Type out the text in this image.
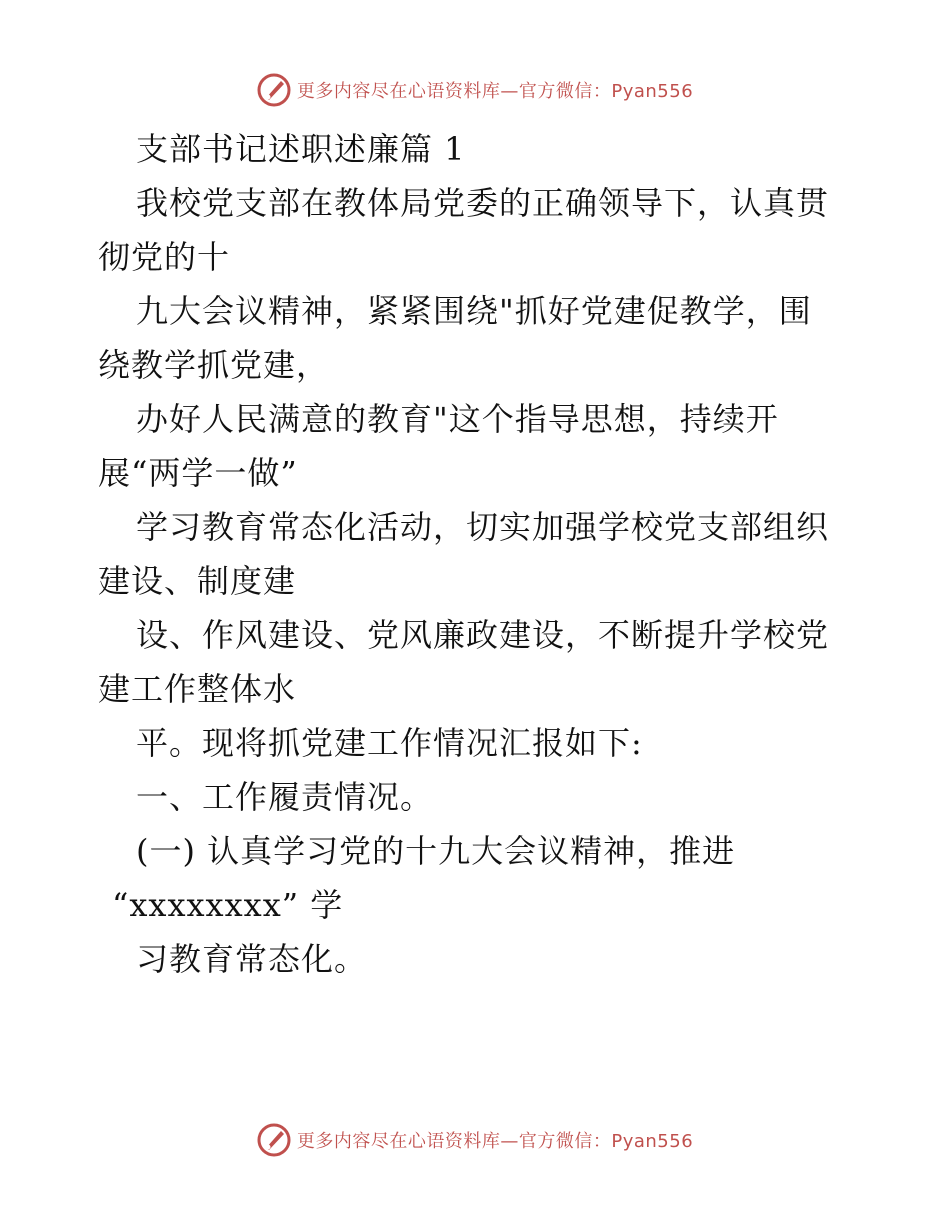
更多内容尽在心语资料库—官方微信：Pyan556
支部书记述职述廉篇 1
我校党支部在教体局党委的正确领导下，认真贯
彻党的十
九大会议精神，紧紧围绕"抓好党建促教学，围
绕教学抓党建，
办好人民满意的教育"这个指导思想，持续开
展“两学一做”
学习教育常态化活动，切实加强学校党支部组织
建设、制度建
设、作风建设、党风廉政建设，不断提升学校党
建工作整体水
平。现将抓党建工作情况汇报如下:
一、工作履责情况。
(一) 认真学习党的十九大会议精神，推进
“xxxxxxxx” 学
习教育常态化。
更多内容尽在心语资料库—官方微信：Pyan556
